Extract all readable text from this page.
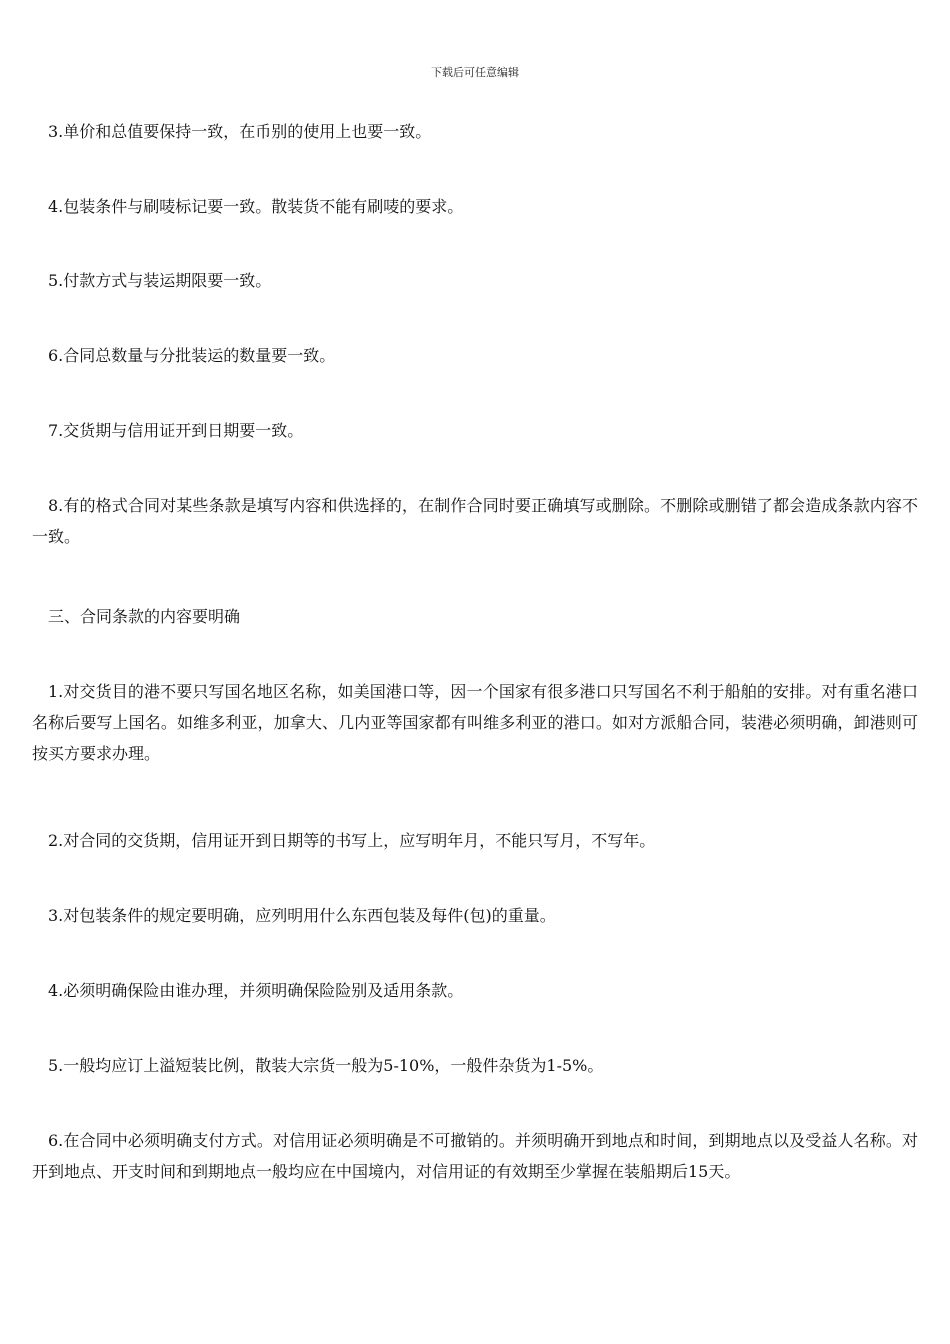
下载后可任意编辑

3.单价和总值要保持一致，在币别的使用上也要一致。

4.包装条件与刷唛标记要一致。散装货不能有刷唛的要求。

5.付款方式与装运期限要一致。

6.合同总数量与分批装运的数量要一致。

7.交货期与信用证开到日期要一致。

8.有的格式合同对某些条款是填写内容和供选择的，在制作合同时要正确填写或删除。不删除或删错了都会造成条款内容不一致。

三、合同条款的内容要明确

1.对交货目的港不要只写国名地区名称，如美国港口等，因一个国家有很多港口只写国名不利于船舶的安排。对有重名港口名称后要写上国名。如维多利亚，加拿大、几内亚等国家都有叫维多利亚的港口。如对方派船合同，装港必须明确，卸港则可按买方要求办理。

2.对合同的交货期，信用证开到日期等的书写上，应写明年月，不能只写月，不写年。

3.对包装条件的规定要明确，应列明用什么东西包装及每件(包)的重量。

4.必须明确保险由谁办理，并须明确保险险别及适用条款。

5.一般均应订上溢短装比例，散装大宗货一般为5-10%，一般件杂货为1-5%。

6.在合同中必须明确支付方式。对信用证必须明确是不可撤销的。并须明确开到地点和时间，到期地点以及受益人名称。对开到地点、开支时间和到期地点一般均应在中国境内，对信用证的有效期至少掌握在装船期后15天。
